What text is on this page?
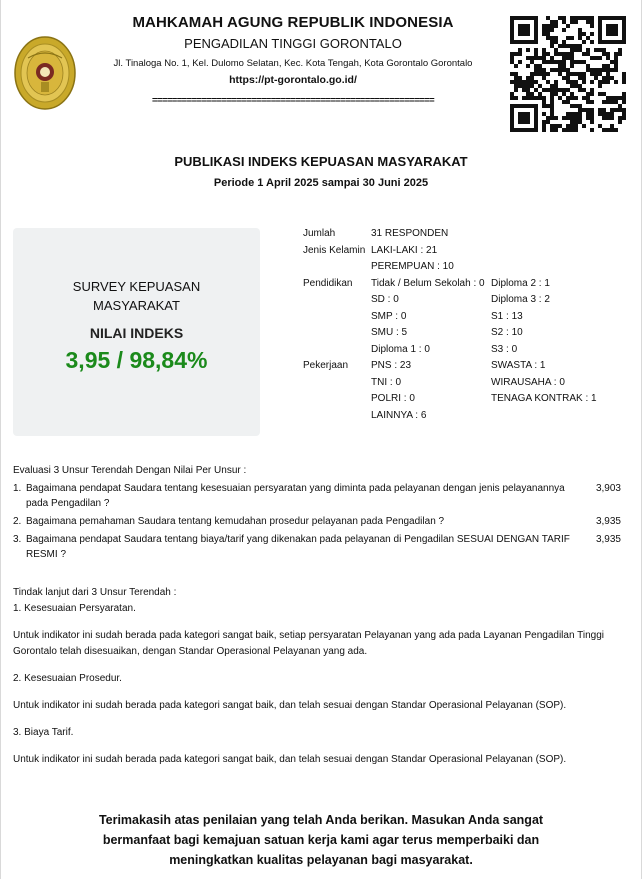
MAHKAMAH AGUNG REPUBLIK INDONESIA
PENGADILAN TINGGI GORONTALO
Jl. Tinaloga No. 1, Kel. Dulomo Selatan, Kec. Kota Tengah, Kota Gorontalo Gorontalo
https://pt-gorontalo.go.id/
=========================================================
PUBLIKASI INDEKS KEPUASAN MASYARAKAT
Periode 1 April 2025 sampai 30 Juni 2025
SURVEY KEPUASAN MASYARAKAT
NILAI INDEKS
3,95 / 98,84%
Jumlah	31 RESPONDEN
Jenis Kelamin LAKI-LAKI : 21
PEREMPUAN : 10
Pendidikan Tidak / Belum Sekolah : 0
SD : 0
SMP : 0
SMU : 5
Diploma 1 : 0
Diploma 2 : 1
Diploma 3 : 2
S1 : 13
S2 : 10
S3 : 0
Pekerjaan PNS : 23
TNI : 0
POLRI : 0
LAINNYA : 6
SWASTA : 1
WIRAUSAHA : 0
TENAGA KONTRAK : 1
Evaluasi 3 Unsur Terendah Dengan Nilai Per Unsur :
1. Bagaimana pendapat Saudara tentang kesesuaian persyaratan yang diminta pada pelayanan dengan jenis pelayanannya pada Pengadilan ?
3,903
2. Bagaimana pemahaman Saudara tentang kemudahan prosedur pelayanan pada Pengadilan ?	3,935
3. Bagaimana pendapat Saudara tentang biaya/tarif yang dikenakan pada pelayanan di Pengadilan SESUAI DENGAN TARIF RESMI ?
3,935

Tindak lanjut dari 3 Unsur Terendah :

1. Kesesuaian Persyaratan.

Untuk indikator ini sudah berada pada kategori sangat baik, setiap persyaratan Pelayanan yang ada pada Layanan Pengadilan Tinggi Gorontalo telah disesuaikan, dengan Standar Operasional Pelayanan yang ada.

2. Kesesuaian Prosedur.

Untuk indikator ini sudah berada pada kategori sangat baik, dan telah sesuai dengan Standar Operasional Pelayanan (SOP).

3. Biaya Tarif.

Untuk indikator ini sudah berada pada kategori sangat baik, dan telah sesuai dengan Standar Operasional Pelayanan (SOP).

Terimakasih atas penilaian yang telah Anda berikan. Masukan Anda sangat bermanfaat bagi kemajuan satuan kerja kami agar terus memperbaiki dan meningkatkan kualitas pelayanan bagi masyarakat.
